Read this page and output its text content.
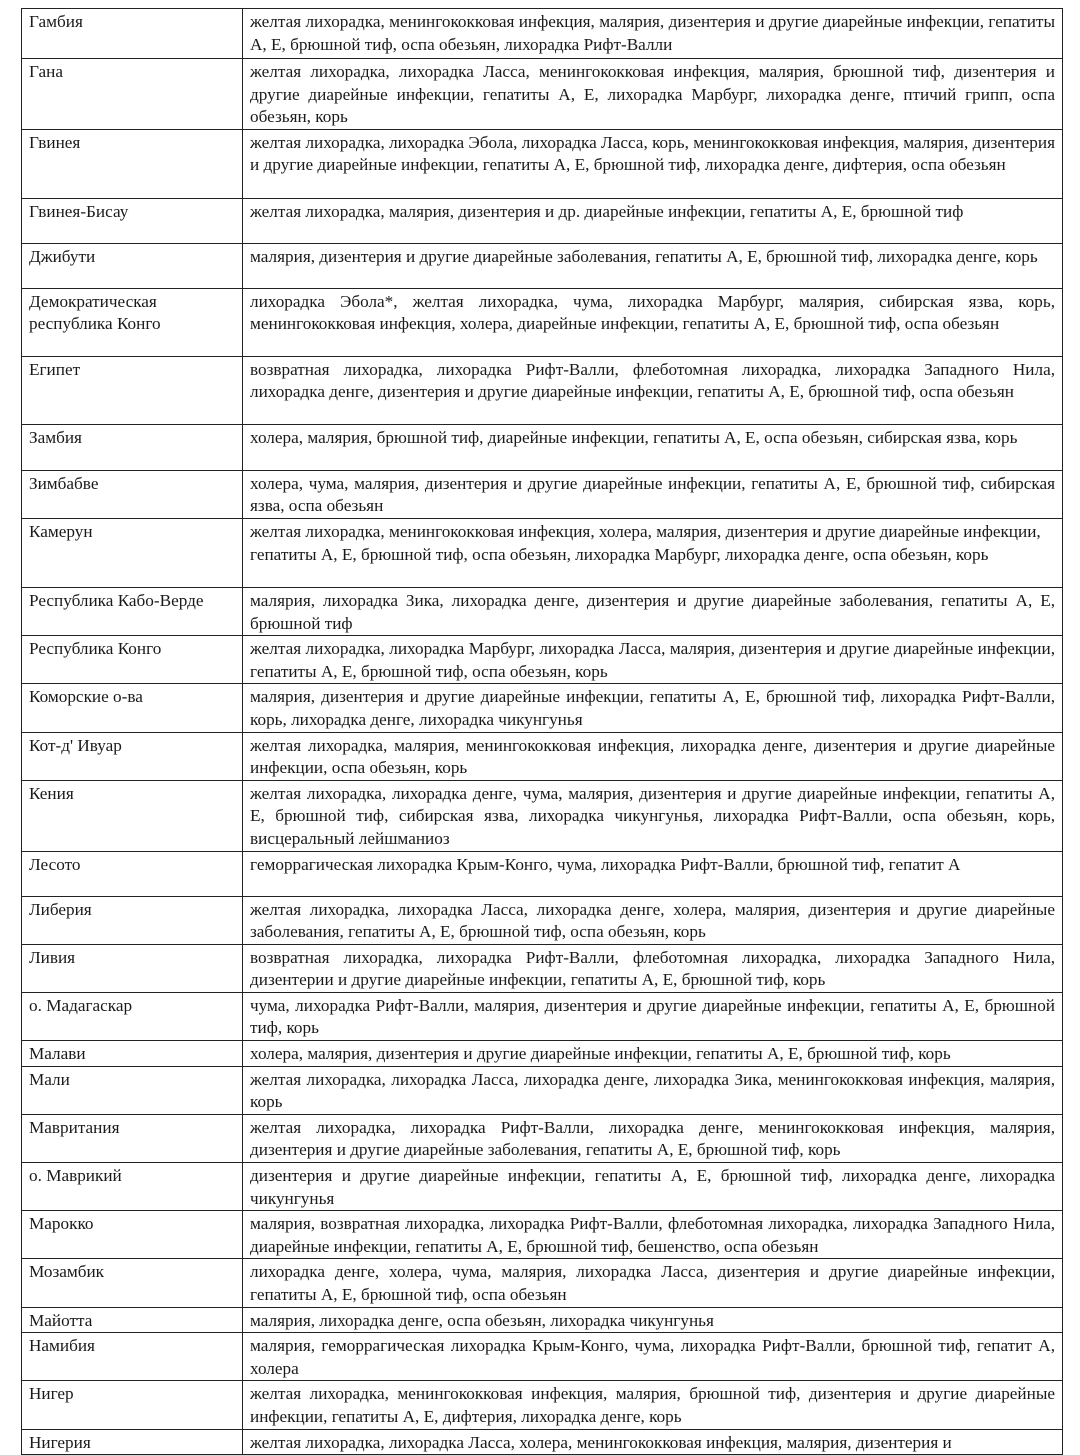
Гамбия	желтая лихорадка, менингококковая инфекция, малярия, дизентерия и другие диарейные инфекции, гепатиты А, Е, брюшной тиф, оспа обезьян, лихорадка Рифт-Валли
Гана	желтая лихорадка, лихорадка Ласса, менингококковая инфекция, малярия, брюшной тиф, дизентерия и другие диарейные инфекции, гепатиты А, Е, лихорадка Марбург, лихорадка денге, птичий грипп, оспа обезьян, корь
Гвинея	желтая лихорадка, лихорадка Эбола, лихорадка Ласса, корь, менингококковая инфекция, малярия, дизентерия и другие диарейные инфекции, гепатиты А, Е, брюшной тиф, лихорадка денге, дифтерия, оспа обезьян
Гвинея-Бисау	желтая лихорадка, малярия, дизентерия и др. диарейные инфекции, гепатиты А, Е, брюшной тиф
Джибути	малярия, дизентерия и другие диарейные заболевания, гепатиты А, Е, брюшной тиф, лихорадка денге, корь
Демократическая республика Конго	лихорадка Эбола*, желтая лихорадка, чума, лихорадка Марбург, малярия, сибирская язва, корь, менингококковая инфекция, холера, диарейные инфекции, гепатиты А, Е, брюшной тиф, оспа обезьян
Египет	возвратная лихорадка, лихорадка Рифт-Валли, флеботомная лихорадка, лихорадка Западного Нила, лихорадка денге, дизентерия и другие диарейные инфекции, гепатиты А, Е, брюшной тиф, оспа обезьян
Замбия	холера, малярия, брюшной тиф, диарейные инфекции, гепатиты А, Е, оспа обезьян, сибирская язва, корь
Зимбабве	холера, чума, малярия, дизентерия и другие диарейные инфекции, гепатиты А, Е, брюшной тиф, сибирская язва, оспа обезьян
Камерун	желтая лихорадка, менингококковая инфекция, холера, малярия, дизентерия и другие диарейные инфекции, гепатиты А, Е, брюшной тиф, оспа обезьян, лихорадка Марбург, лихорадка денге, оспа обезьян, корь
Республика Кабо-Верде	малярия, лихорадка Зика, лихорадка денге, дизентерия и другие диарейные заболевания, гепатиты А, Е, брюшной тиф
Республика Конго	желтая лихорадка, лихорадка Марбург, лихорадка Ласса, малярия, дизентерия и другие диарейные инфекции, гепатиты А, Е, брюшной тиф, оспа обезьян, корь
Коморские о-ва	малярия, дизентерия и другие диарейные инфекции, гепатиты А, Е, брюшной тиф, лихорадка Рифт-Валли, корь, лихорадка денге, лихорадка чикунгунья
Кот-д' Ивуар	желтая лихорадка, малярия, менингококковая инфекция, лихорадка денге, дизентерия и другие диарейные инфекции, оспа обезьян, корь
Кения	желтая лихорадка, лихорадка денге, чума, малярия, дизентерия и другие диарейные инфекции, гепатиты А, Е, брюшной тиф, сибирская язва, лихорадка чикунгунья, лихорадка Рифт-Валли, оспа обезьян, корь, висцеральный лейшманиоз
Лесото	геморрагическая лихорадка Крым-Конго, чума, лихорадка Рифт-Валли, брюшной тиф, гепатит А
Либерия	желтая лихорадка, лихорадка Ласса, лихорадка денге, холера, малярия, дизентерия и другие диарейные заболевания, гепатиты А, Е, брюшной тиф, оспа обезьян, корь
Ливия	возвратная лихорадка, лихорадка Рифт-Валли, флеботомная лихорадка, лихорадка Западного Нила, дизентерии и другие диарейные инфекции, гепатиты А, Е, брюшной тиф, корь
о. Мадагаскар	чума, лихорадка Рифт-Валли, малярия, дизентерия и другие диарейные инфекции, гепатиты А, Е, брюшной тиф, корь
Малави	холера, малярия, дизентерия и другие диарейные инфекции, гепатиты А, Е, брюшной тиф, корь
Мали	желтая лихорадка, лихорадка Ласса, лихорадка денге, лихорадка Зика, менингококковая инфекция, малярия, корь
Мавритания	желтая лихорадка, лихорадка Рифт-Валли, лихорадка денге, менингококковая инфекция, малярия, дизентерия и другие диарейные заболевания, гепатиты А, Е, брюшной тиф, корь
о. Маврикий	дизентерия и другие диарейные инфекции, гепатиты А, Е, брюшной тиф, лихорадка денге, лихорадка чикунгунья
Марокко	малярия, возвратная лихорадка, лихорадка Рифт-Валли, флеботомная лихорадка, лихорадка Западного Нила, диарейные инфекции, гепатиты А, Е, брюшной тиф, бешенство, оспа обезьян
Мозамбик	лихорадка денге, холера, чума, малярия, лихорадка Ласса, дизентерия и другие диарейные инфекции, гепатиты А, Е, брюшной тиф, оспа обезьян
Майотта	малярия, лихорадка денге, оспа обезьян, лихорадка чикунгунья
Намибия	малярия, геморрагическая лихорадка Крым-Конго, чума, лихорадка Рифт-Валли, брюшной тиф, гепатит А, холера
Нигер	желтая лихорадка, менингококковая инфекция, малярия, брюшной тиф, дизентерия и другие диарейные инфекции, гепатиты А, Е, дифтерия, лихорадка денге, корь
Нигерия	желтая лихорадка, лихорадка Ласса, холера, менингококковая инфекция, малярия, дизентерия и
